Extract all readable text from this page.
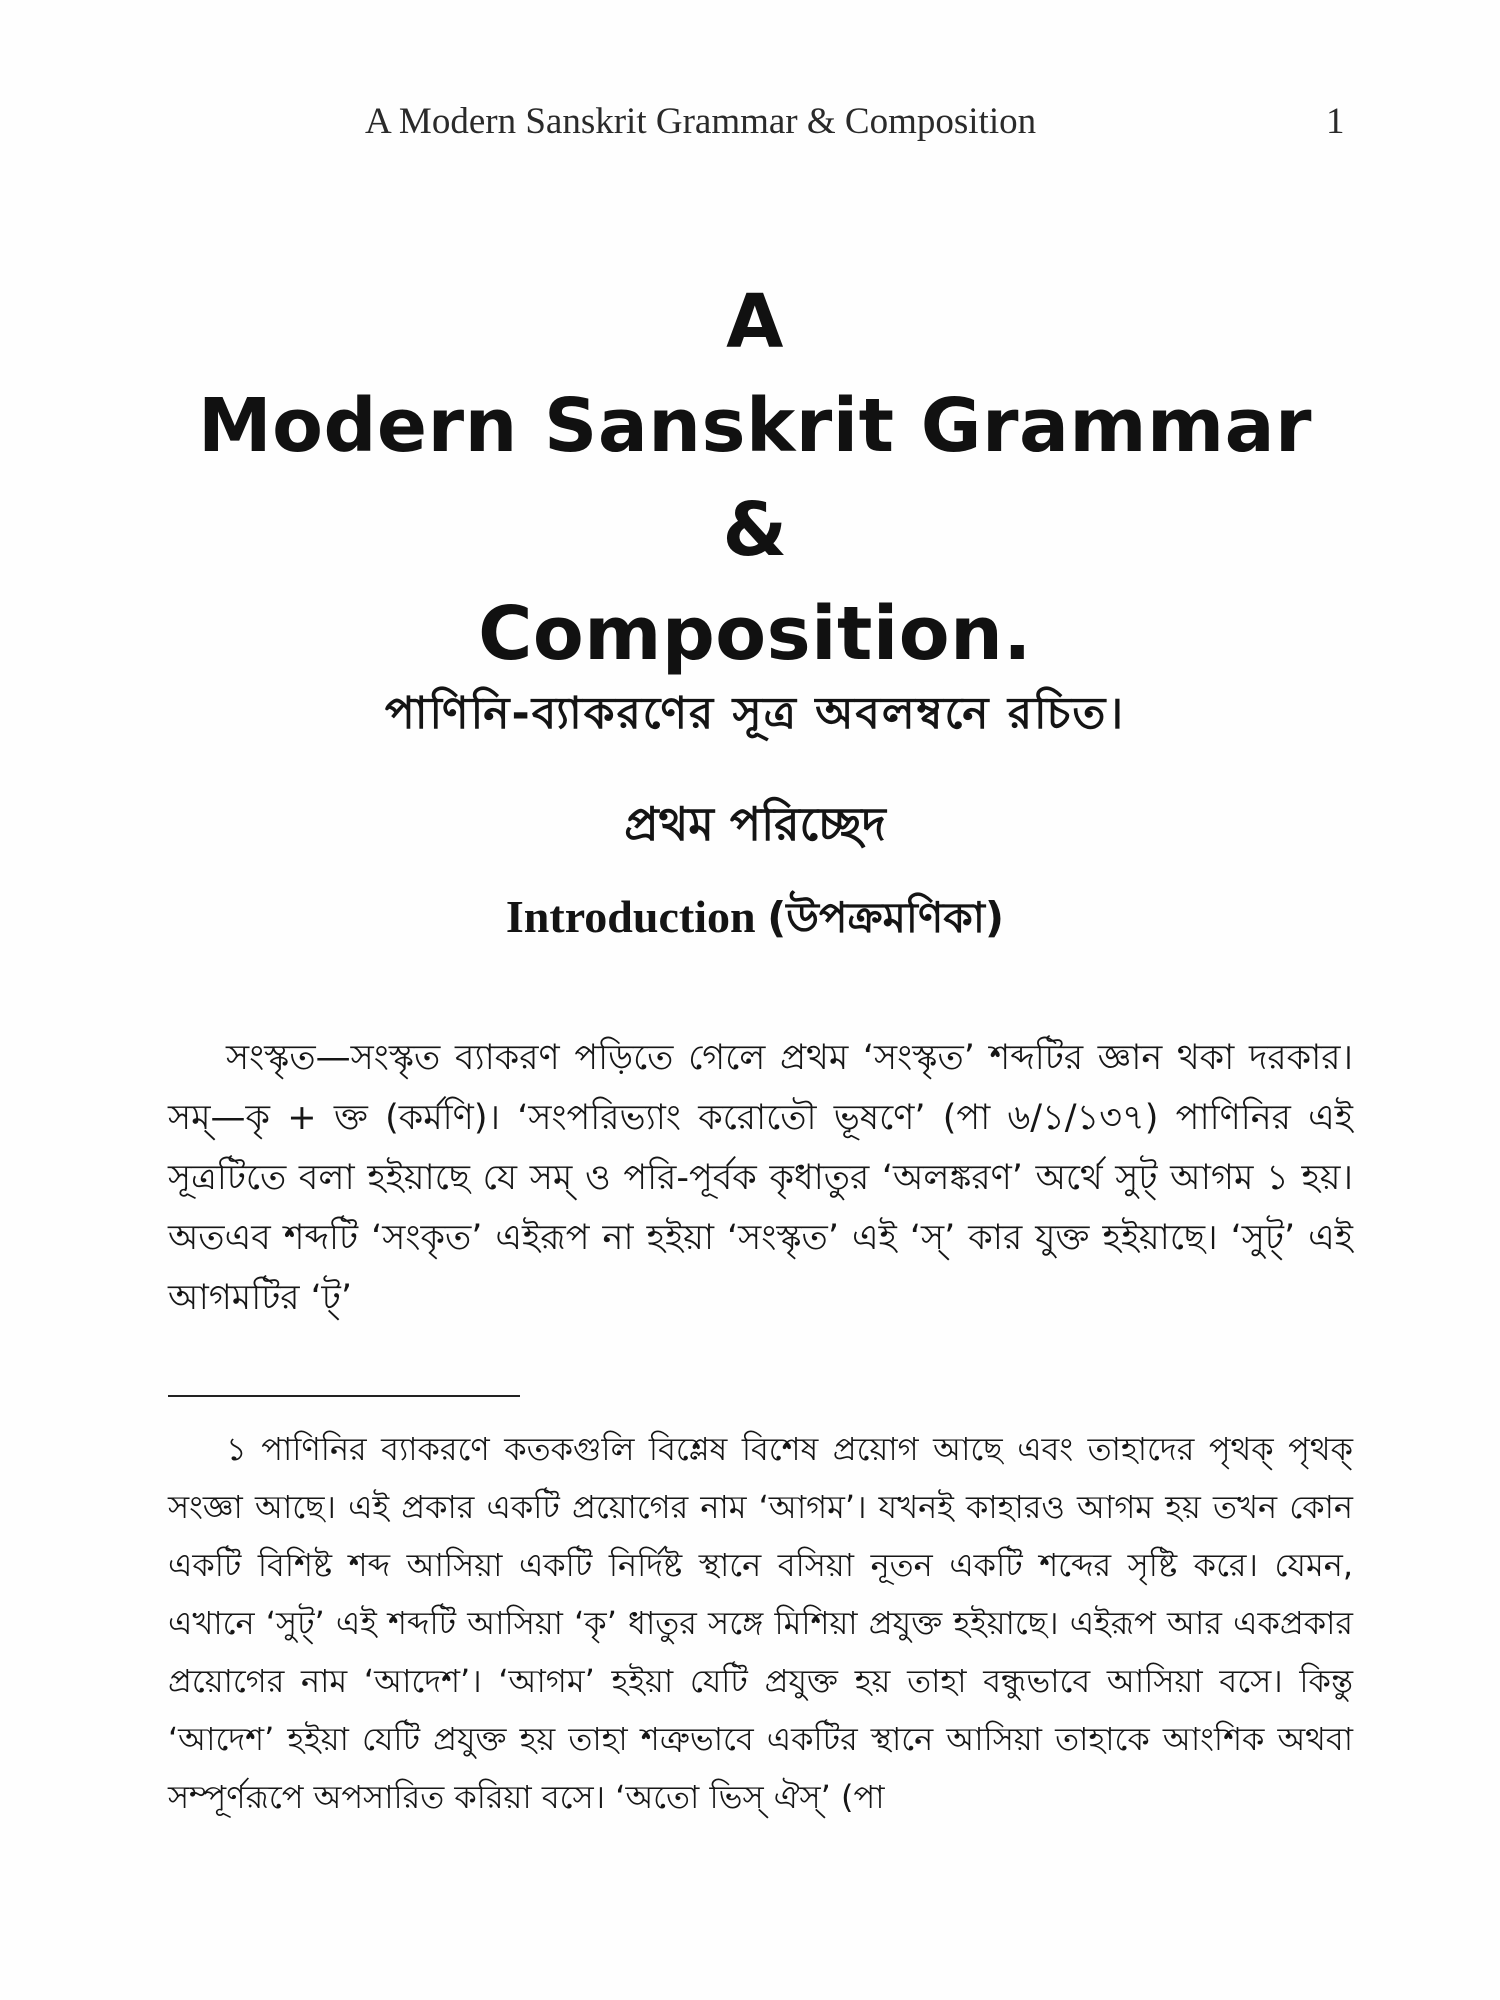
A Modern Sanskrit Grammar & Composition	1
A
Modern Sanskrit Grammar
&
Composition.
পাণিনি-ব্যাকরণের সূত্র অবলম্বনে রচিত।
প্রথম পরিচ্ছেদ
Introduction (উপক্রমণিকা)

সংস্কৃত—সংস্কৃত ব্যাকরণ পড়িতে গেলে প্রথম ‘সংস্কৃত’ শব্দটির জ্ঞান থকা দরকার। সম্—কৃ + ক্ত (কর্মণি)। ‘সংপরিভ্যাং করোতৌ ভূষণে’ (পা ৬/১/১৩৭) পাণিনির এই সূত্রটিতে বলা হইয়াছে যে সম্ ও পরি-পূর্বক কৃধাতুর ‘অলঙ্করণ’ অর্থে সুট্ আগম ১ হয়। অতএব শব্দটি ‘সংকৃত’ এইরূপ না হইয়া ‘সংস্কৃত’ এই ‘স্’ কার যুক্ত হইয়াছে। ‘সুট্’ এই আগমটির ‘ট্’

১ পাণিনির ব্যাকরণে কতকগুলি বিশ্লেষ বিশেষ প্রয়োগ আছে এবং তাহাদের পৃথক্ পৃথক্ সংজ্ঞা আছে। এই প্রকার একটি প্রয়োগের নাম ‘আগম’। যখনই কাহারও আগম হয় তখন কোন একটি বিশিষ্ট শব্দ আসিয়া একটি নির্দিষ্ট স্থানে বসিয়া নূতন একটি শব্দের সৃষ্টি করে। যেমন, এখানে ‘সুট্’ এই শব্দটি আসিয়া ‘কৃ’ ধাতুর সঙ্গে মিশিয়া প্রযুক্ত হইয়াছে। এইরূপ আর একপ্রকার প্রয়োগের নাম ‘আদেশ’। ‘আগম’ হইয়া যেটি প্রযুক্ত হয় তাহা বন্ধুভাবে আসিয়া বসে। কিন্তু ‘আদেশ’ হইয়া যেটি প্রযুক্ত হয় তাহা শত্রুভাবে একটির স্থানে আসিয়া তাহাকে আংশিক অথবা সম্পূর্ণরূপে অপসারিত করিয়া বসে। ‘অতো ভিস্ ঐস্’ (পা
